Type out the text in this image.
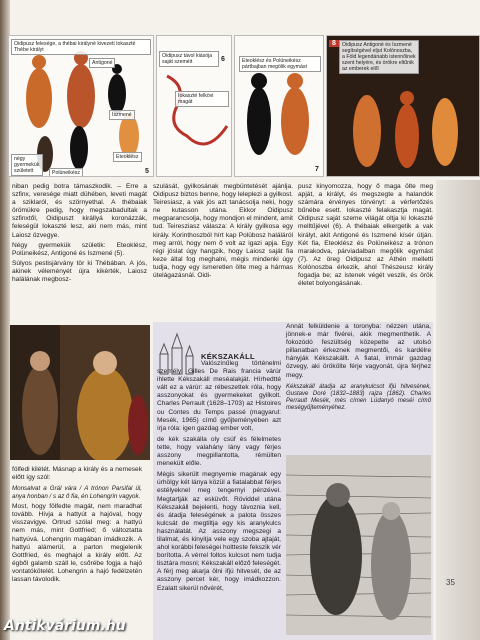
Oidipusz felesége, a thébai királyné kivezeti Iokaszté Thébe királyt
Antigoné
Iszmené
Eteoklész
négy gyermekük született	Polüneikész	5
Oidipusz távol kiásója saját szeméit
Iokaszté felkövi magát
6	Eteoklész és Polüneikész pártbajban megölik egymást
7
8	Oidipusz Antigoné és Iszmené segítségével eljut Kolónoszba, a Föld legendáriabb istennőinek szent helyére, és örökre eltűnik az emberek elől

niban pedig botra támaszkodik. – Erre a szfinx, veresége miatt dühében, leveti magát a sziklaról, és szörnyethal. A thébaiak örömükre pedig, hogy megszabadultak a szfinxtől, Oidipuszt királlyá koronázzák, feleségül Iokaszté lesz, aki nem más, mint Laiosz özvegye.

Négy gyermekük születik: Eteoklész, Polüneikész, Antigoné és Iszmené (5).

Súlyos pestisjárvány tör ki Thébában. A jós, akinek véleményét újra kikérték, Laiosz halálának megbosz-

szulását, gyilkosának megbüntetését ajánlja. Oidipusz biztos benne, hogy leleplezi a gyilkost. Teiresiasz, a vak jós azt tanácsolja neki, hogy ne kutasson utána. Ekkor Oidipusz megparancsolja, hogy mondjon el mindent, amit tud. Teiresziasz válasza: A király gyilkosa egy király. Korinthoszból hírt kap Polübosz haláláról meg arról, hogy nem ő volt az igazi apja. Egy régi jóslat úgy hangzik, hogy Laiosz saját fia keze által fog meghalni, mégis mindenki úgy tudja, hogy egy ismeretlen ölte meg a hármas útelágazásnál. Oidi-

pusz kinyomozza, hogy ő maga ölte meg apját, a királyt, és megszegte a halandók számára érvényes törvényt: a vérfertőzés bűnébe esett. Iokaszté felakasztja magát. Oidipusz saját szeme világát oltja ki Iokaszté melltűjével (6). A thébaiak elkergetik a vak királyt, akit Antigoné és Iszmené kísér útján. Két fia, Eteoklész és Polüneikész a trónon marakodva, párviadalban megölik egymást (7). Az öreg Oidipusz az Athén melletti Kolónoszba érkezik, ahol Thészeusz király fogadja be; az istenek végét veszik, és örök életet bolyongásának.

fölfedi kilétét. Másnap a király és a nemesek előtt így szól:

Monsalvat a Grál vára / A trónon Parsifal ül, anya honban / s az ő fia, én Lohengrin vagyok.

Most, hogy fölfedte magát, nem maradhat tovább. Hívja a hattyút a hajóval, hogy visszavigye. Ortrud szólal meg: a hattyú nem más, mint Gottfried; ő változtatta hattyúvá. Lohengrin magában imádkozik. A hattyú alámerül, a parton megjelenik Gottfried, és meghajol a király előtt. Az égből galamb száll le, csőrébe fogja a hajó vontatókötelét. Lohengrin a hajó fedélzetén lassan távolodik.

KÉKSZAKÁLL

Valószínűleg történelmi személy: Gilles De Rais francia várúr ihlette Kékszakáll meséalakját. Hírhedtté vált ez a várúr: az rébeszettek róla, hogy asszonyokat és gyermekeket gyilkolt. Charles Perrault (1628–1703) az Histoires ou Contes du Temps passé (magyarul: Mesék, 1965) című gyűjteményében azt írja róla: igen gazdag ember volt,

de kék szakálla oly csúf és félelmetes tette, hogy valahány lány vagy férjes asszony megpillantotta, rémülten menekült előle.

Mégis sikerült megnyernie magának egy úrhölgy két lánya közül a fiatalabbat férjes estélyeknel meg tengernyi pénzével. Megtartják az esküvőt. Röviddel utána Kékszakáll bejelenti, hogy távoznia kell, és átadja feleségének a palota összes kulcsát de megtiltja egy kis aranykulcs használatát. Az asszony megszegi a tilalmat, és kinyitja vele egy szoba ajtaját, ahol korábbi feleségei holtteste fekszik vér borította. A vérrel foltos kulcsot nem tudja tisztára mosni; Kékszakáll előző feleségét. A férj meg akarja ölni ifjú hitvesét, de az asszony percet kér, hogy imádkozzon. Ezalatt sikerül nővérét,

Annát felküldenie a toronyba: nézzen utána, jönnek-e már fivérei, akik megmenthetik. A fokozódó feszültség közepette az utolsó pillanatban érkeznek megmentői, és kardélre hányják Kékszakállt. A fiatal, immár gazdag özvegy, aki örökölte férje vagyonát, újra férjhez megy.
Kékszakáll átadja az aranykulcsot ifjú hitvesének, Gustave Doré (1832–1883) rajza (1862). Charles Perrault Mesék, més címen Lúdanyó meséi című meségyűjteményéhez.
35
Antikvárium.hu
